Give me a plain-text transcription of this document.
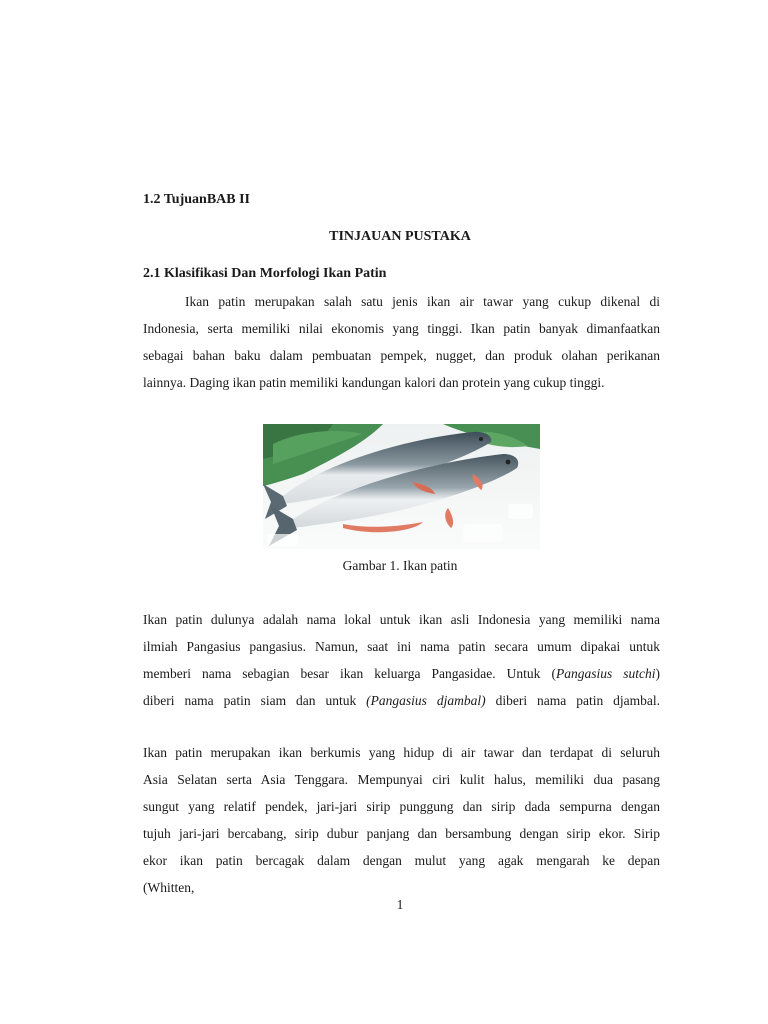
1.2 TujuanBAB II
TINJAUAN PUSTAKA
2.1 Klasifikasi Dan Morfologi Ikan Patin
Ikan patin merupakan salah satu jenis ikan air tawar yang cukup dikenal di
Indonesia, serta memiliki nilai ekonomis yang tinggi. Ikan patin banyak dimanfaatkan
sebagai bahan baku dalam pembuatan pempek, nugget, dan produk olahan perikanan
lainnya. Daging ikan patin memiliki kandungan kalori dan protein yang cukup tinggi.
Gambar 1. Ikan patin
Ikan patin dulunya adalah nama lokal untuk ikan asli Indonesia yang memiliki nama
ilmiah Pangasius pangasius. Namun, saat ini nama patin secara umum dipakai untuk
memberi nama sebagian besar ikan keluarga Pangasidae. Untuk (Pangasius sutchi)
diberi nama patin siam dan untuk (Pangasius djambal) diberi nama patin djambal.
Ikan patin merupakan ikan berkumis yang hidup di air tawar dan terdapat di seluruh
Asia Selatan serta Asia Tenggara. Mempunyai ciri kulit halus, memiliki dua pasang
sungut yang relatif pendek, jari-jari sirip punggung dan sirip dada sempurna dengan
tujuh jari-jari bercabang, sirip dubur panjang dan bersambung dengan sirip ekor. Sirip
ekor ikan patin bercagak dalam dengan mulut yang agak mengarah ke depan
(Whitten,
1
